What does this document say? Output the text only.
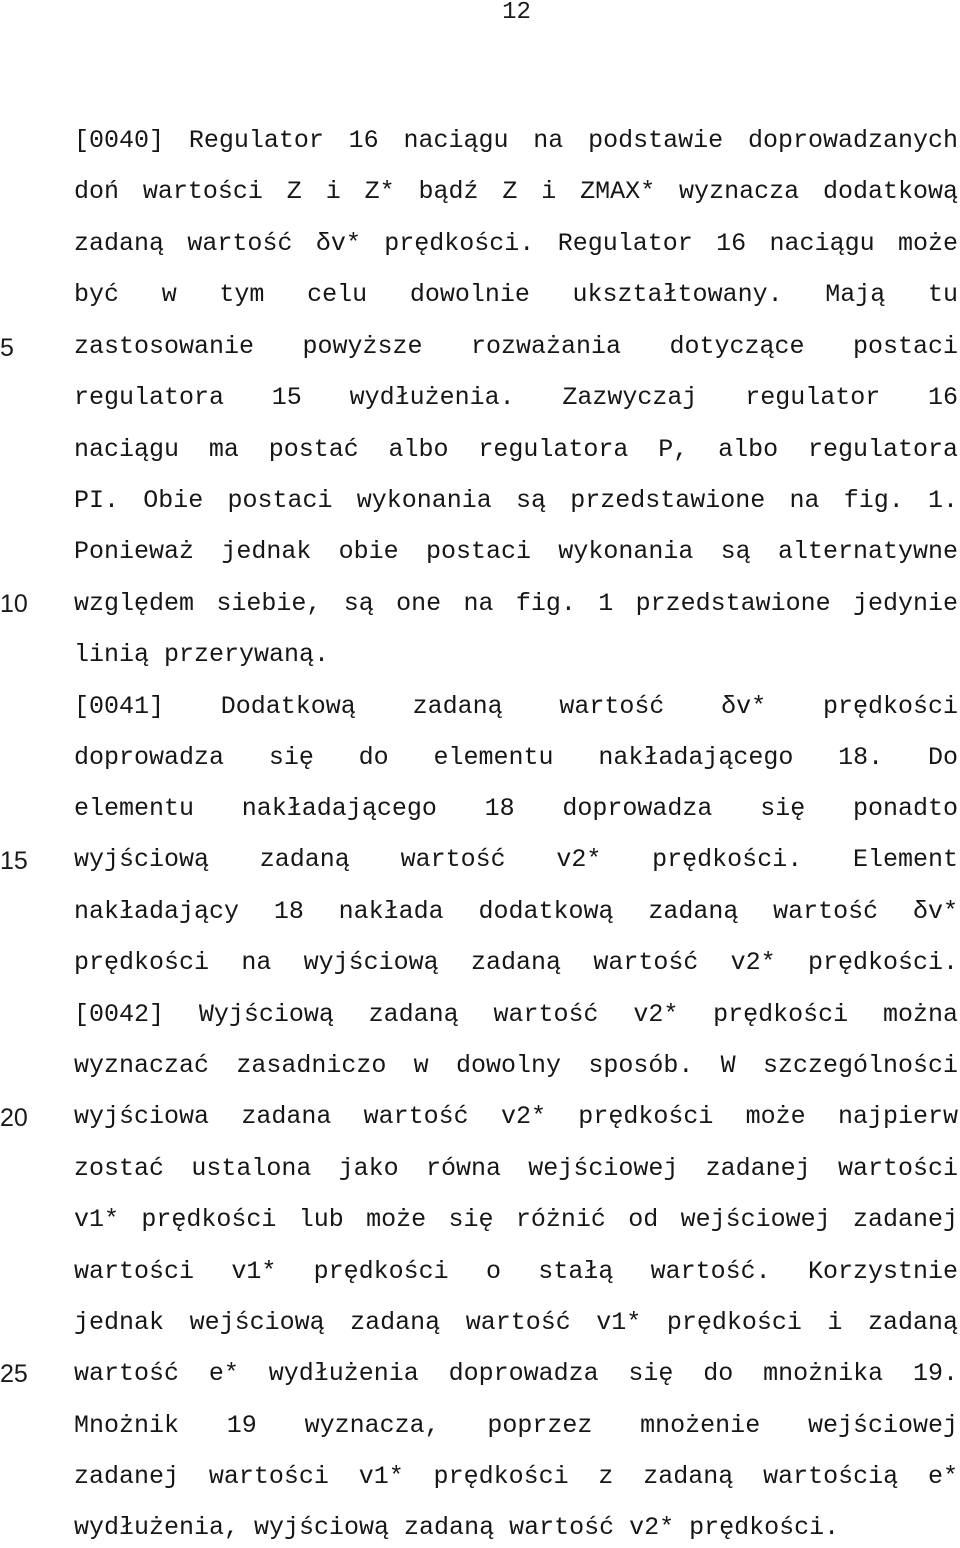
12
5
10
15
20
25
[0040] Regulator 16 naciągu na podstawie doprowadzanych
doń wartości Z i Z* bądź Z i ZMAX* wyznacza dodatkową
zadaną wartość δv* prędkości. Regulator 16 naciągu może
być w tym celu dowolnie ukształtowany. Mają tu
zastosowanie powyższe rozważania dotyczące postaci
regulatora 15 wydłużenia. Zazwyczaj regulator 16
naciągu ma postać albo regulatora P, albo regulatora
PI. Obie postaci wykonania są przedstawione na fig. 1.
Ponieważ jednak obie postaci wykonania są alternatywne
względem siebie, są one na fig. 1 przedstawione jedynie
linią przerywaną.
[0041] Dodatkową zadaną wartość δv* prędkości
doprowadza się do elementu nakładającego 18. Do
elementu nakładającego 18 doprowadza się ponadto
wyjściową zadaną wartość v2* prędkości. Element
nakładający 18 nakłada dodatkową zadaną wartość δv*
prędkości na wyjściową zadaną wartość v2* prędkości.
[0042] Wyjściową zadaną wartość v2* prędkości można
wyznaczać zasadniczo w dowolny sposób. W szczególności
wyjściowa zadana wartość v2* prędkości może najpierw
zostać ustalona jako równa wejściowej zadanej wartości
v1* prędkości lub może się różnić od wejściowej zadanej
wartości v1* prędkości o stałą wartość. Korzystnie
jednak wejściową zadaną wartość v1* prędkości i zadaną
wartość e* wydłużenia doprowadza się do mnożnika 19.
Mnożnik 19 wyznacza, poprzez mnożenie wejściowej
zadanej wartości v1* prędkości z zadaną wartością e*
wydłużenia, wyjściową zadaną wartość v2* prędkości.
